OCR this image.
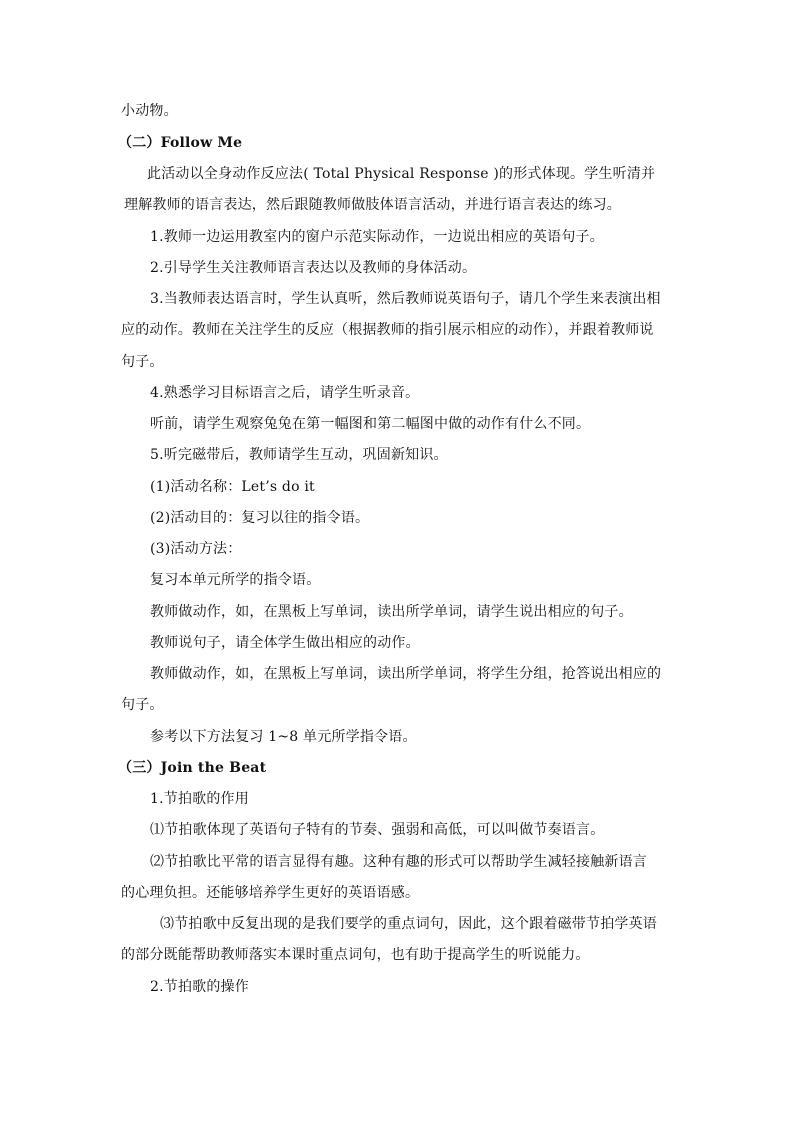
小动物。
（二）Follow Me
此活动以全身动作反应法( Total Physical Response )的形式体现。学生听清并
理解教师的语言表达，然后跟随教师做肢体语言活动，并进行语言表达的练习。
1.教师一边运用教室内的窗户示范实际动作，一边说出相应的英语句子。
2.引导学生关注教师语言表达以及教师的身体活动。
3.当教师表达语言时，学生认真听，然后教师说英语句子，请几个学生来表演出相
应的动作。教师在关注学生的反应（根据教师的指引展示相应的动作），并跟着教师说
句子。
4.熟悉学习目标语言之后，请学生听录音。
听前，请学生观察兔兔在第一幅图和第二幅图中做的动作有什么不同。
5.听完磁带后，教师请学生互动，巩固新知识。
(1)活动名称：Let’s do it
(2)活动目的：复习以往的指令语。
(3)活动方法：
复习本单元所学的指令语。
教师做动作，如，在黑板上写单词，读出所学单词，请学生说出相应的句子。
教师说句子，请全体学生做出相应的动作。
教师做动作，如，在黑板上写单词，读出所学单词，将学生分组，抢答说出相应的
句子。
参考以下方法复习 1~8 单元所学指令语。
（三）Join the Beat
1.节拍歌的作用
⑴节拍歌体现了英语句子特有的节奏、强弱和高低，可以叫做节奏语言。
⑵节拍歌比平常的语言显得有趣。这种有趣的形式可以帮助学生减轻接触新语言
的心理负担。还能够培养学生更好的英语语感。
⑶节拍歌中反复出现的是我们要学的重点词句，因此，这个跟着磁带节拍学英语
的部分既能帮助教师落实本课时重点词句，也有助于提高学生的听说能力。
2.节拍歌的操作
